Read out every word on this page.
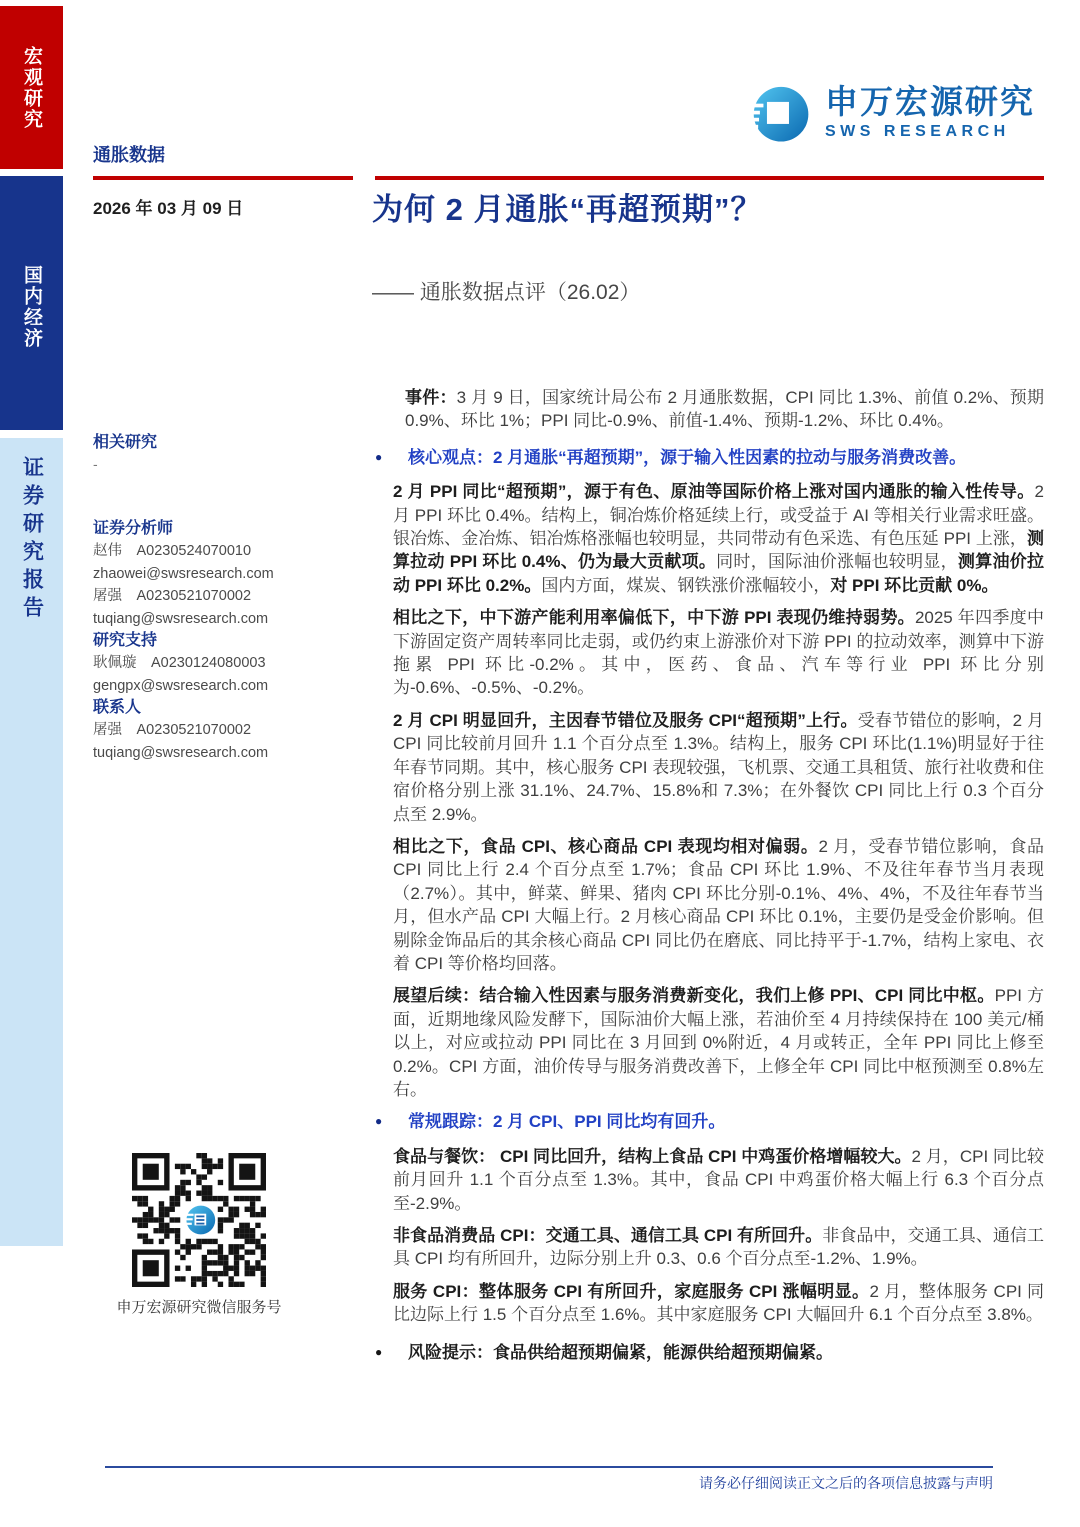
宏观研究
国内经济
证券研究报告
申万宏源研究
SWS RESEARCH
通胀数据
2026 年 03 月 09 日	为何 2 月通胀“再超预期”？
—— 通胀数据点评（26.02）
相关研究
-
证券分析师
赵伟　A0230524070010
zhaowei@swsresearch.com
屠强　A0230521070002
tuqiang@swsresearch.com
研究支持
耿佩璇　A0230124080003
gengpx@swsresearch.com
联系人
屠强　A0230521070002
tuqiang@swsresearch.com

事件：3 月 9 日，国家统计局公布 2 月通胀数据，CPI 同比 1.3%、前值 0.2%、预期 0.9%、环比 1%；PPI 同比-0.9%、前值-1.4%、预期-1.2%、环比 0.4%。

●	核心观点：2 月通胀“再超预期”，源于输入性因素的拉动与服务消费改善。

2 月 PPI 同比“超预期”，源于有色、原油等国际价格上涨对国内通胀的输入性传导。2 月 PPI 环比 0.4%。结构上，铜冶炼价格延续上行，或受益于 AI 等相关行业需求旺盛。银冶炼、金冶炼、铝冶炼格涨幅也较明显，共同带动有色采选、有色压延 PPI 上涨，测算拉动 PPI 环比 0.4%、仍为最大贡献项。同时，国际油价涨幅也较明显，测算油价拉动 PPI 环比 0.2%。国内方面，煤炭、钢铁涨价涨幅较小，对 PPI 环比贡献 0%。

相比之下，中下游产能利用率偏低下，中下游 PPI 表现仍维持弱势。2025 年四季度中下游固定资产周转率同比走弱，或仍约束上游涨价对下游 PPI 的拉动效率，测算中下游拖累 PPI 环比-0.2%。其中，医药、食品、汽车等行业 PPI 环比分别为-0.6%、-0.5%、-0.2%。

2 月 CPI 明显回升，主因春节错位及服务 CPI“超预期”上行。受春节错位的影响，2 月 CPI 同比较前月回升 1.1 个百分点至 1.3%。结构上，服务 CPI 环比(1.1%)明显好于往年春节同期。其中，核心服务 CPI 表现较强，飞机票、交通工具租赁、旅行社收费和住宿价格分别上涨 31.1%、24.7%、15.8%和 7.3%；在外餐饮 CPI 同比上行 0.3 个百分点至 2.9%。

相比之下，食品 CPI、核心商品 CPI 表现均相对偏弱。2 月，受春节错位影响，食品 CPI 同比上行 2.4 个百分点至 1.7%；食品 CPI 环比 1.9%、不及往年春节当月表现（2.7%）。其中，鲜菜、鲜果、猪肉 CPI 环比分别-0.1%、4%、4%，不及往年春节当月，但水产品 CPI 大幅上行。2 月核心商品 CPI 环比 0.1%，主要仍是受金价影响。但剔除金饰品后的其余核心商品 CPI 同比仍在磨底、同比持平于-1.7%，结构上家电、衣着 CPI 等价格均回落。

展望后续：结合输入性因素与服务消费新变化，我们上修 PPI、CPI 同比中枢。PPI 方面，近期地缘风险发酵下，国际油价大幅上涨，若油价至 4 月持续保持在 100 美元/桶以上，对应或拉动 PPI 同比在 3 月回到 0%附近，4 月或转正，全年 PPI 同比上修至 0.2%。CPI 方面，油价传导与服务消费改善下，上修全年 CPI 同比中枢预测至 0.8%左右。

●	常规跟踪：2 月 CPI、PPI 同比均有回升。

食品与餐饮： CPI 同比回升，结构上食品 CPI 中鸡蛋价格增幅较大。2 月，CPI 同比较前月回升 1.1 个百分点至 1.3%。其中，食品 CPI 中鸡蛋价格大幅上行 6.3 个百分点至-2.9%。

非食品消费品 CPI：交通工具、通信工具 CPI 有所回升。非食品中，交通工具、通信工具 CPI 均有所回升，边际分别上升 0.3、0.6 个百分点至-1.2%、1.9%。

服务 CPI：整体服务 CPI 有所回升，家庭服务 CPI 涨幅明显。2 月，整体服务 CPI 同比边际上行 1.5 个百分点至 1.6%。其中家庭服务 CPI 大幅回升 6.1 个百分点至 3.8%。

●	风险提示：食品供给超预期偏紧，能源供给超预期偏紧。
申万宏源研究微信服务号
请务必仔细阅读正文之后的各项信息披露与声明
